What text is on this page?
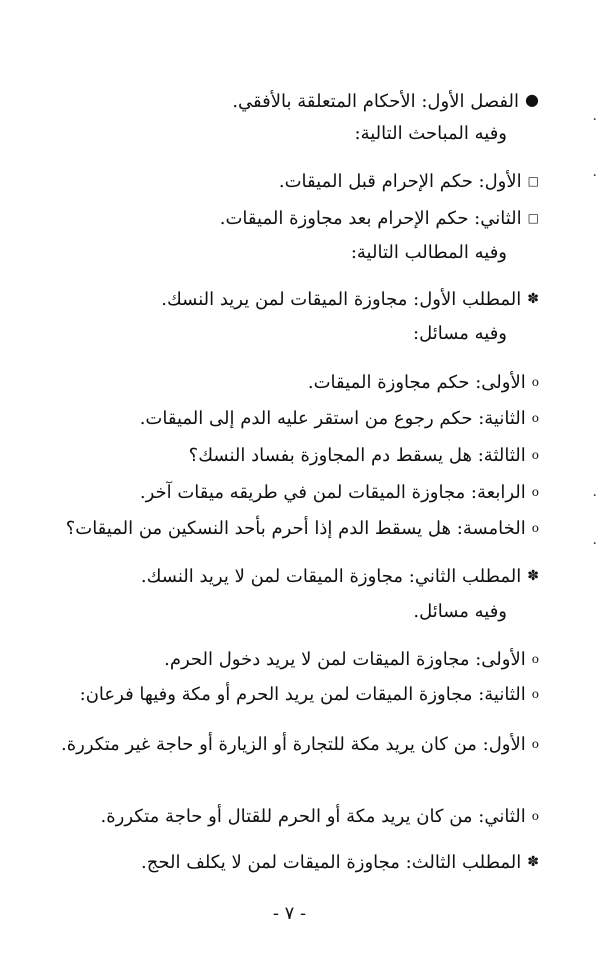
●الفصل الأول: الأحكام المتعلقة بالأفقي.
وفيه المباحث التالية:
□الأول: حكم الإحرام قبل الميقات.
□الثاني: حكم الإحرام بعد مجاوزة الميقات.
وفيه المطالب التالية:
✽المطلب الأول: مجاوزة الميقات لمن يريد النسك.
وفيه مسائل:
oالأولى: حكم مجاوزة الميقات.
oالثانية: حكم رجوع من استقر عليه الدم إلى الميقات.
oالثالثة: هل يسقط دم المجاوزة بفساد النسك؟
oالرابعة: مجاوزة الميقات لمن في طريقه ميقات آخر.
oالخامسة: هل يسقط الدم إذا أحرم بأحد النسكين من الميقات؟
✽المطلب الثاني: مجاوزة الميقات لمن لا يريد النسك.
وفيه مسائل.
oالأولى: مجاوزة الميقات لمن لا يريد دخول الحرم.
oالثانية: مجاوزة الميقات لمن يريد الحرم أو مكة وفيها فرعان:
oالأول: من كان يريد مكة للتجارة أو الزيارة أو حاجة غير متكررة.
oالثاني: من كان يريد مكة أو الحرم للقتال أو حاجة متكررة.
✽المطلب الثالث: مجاوزة الميقات لمن لا يكلف الحج.
- ٧ -
·
·
·
·
